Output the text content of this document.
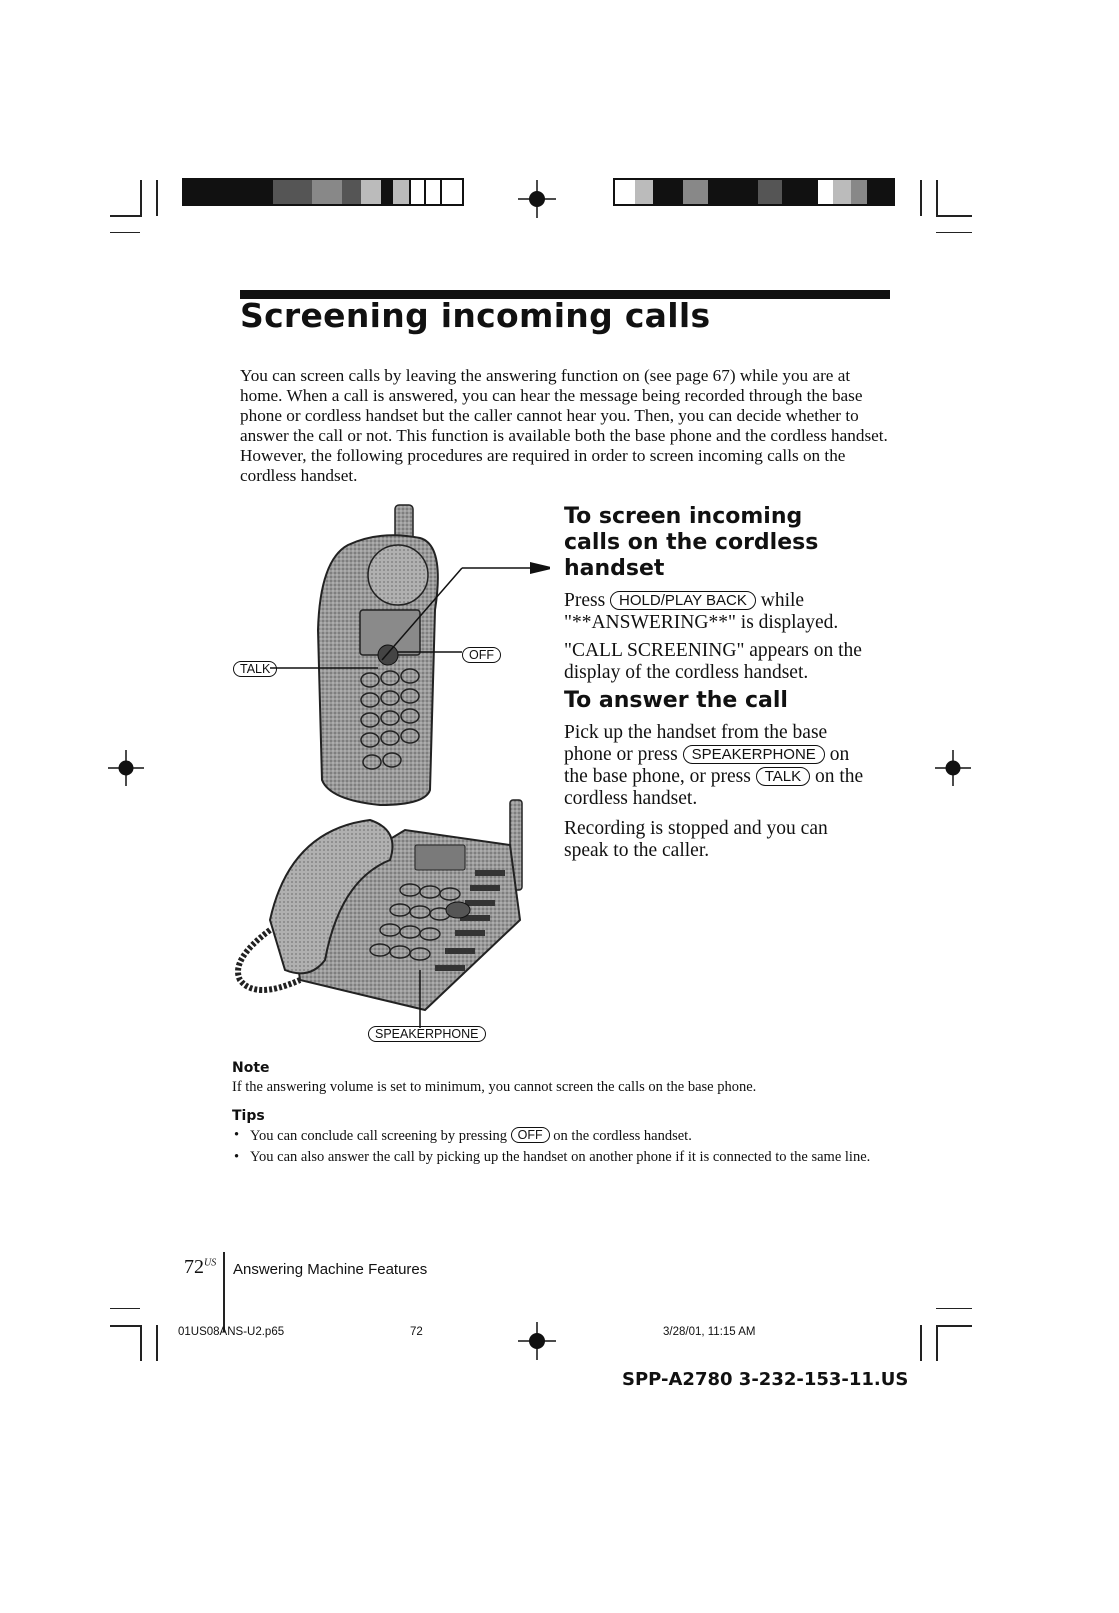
Screening incoming calls
You can screen calls by leaving the answering function on (see page 67) while you are at home. When a call is answered, you can hear the message being recorded through the base phone or cordless handset but the caller cannot hear you. Then, you can decide whether to answer the call or not. This function is available both the base phone and the cordless handset. However, the following procedures are required in order to screen incoming calls on the cordless handset.
TALK
OFF
SPEAKERPHONE
To screen incoming calls on the cordless handset
Press HOLD/PLAY BACK while "**ANSWERING**" is displayed.
"CALL SCREENING" appears on the display of the cordless handset.
To answer the call
Pick up the handset from the base phone or press SPEAKERPHONE on the base phone, or press TALK on the cordless handset.
Recording is stopped and you can speak to the caller.
Note
If the answering volume is set to minimum, you cannot screen the calls on the base phone.
Tips
• You can conclude call screening by pressing OFF on the cordless handset.
• You can also answer the call by picking up the handset on another phone if it is connected to the same line.
$72^{US}$ Answering Machine Features
01US08ANS-U2.p65	72	3/28/01, 11:15 AM
SPP-A2780 3-232-153-11.US
